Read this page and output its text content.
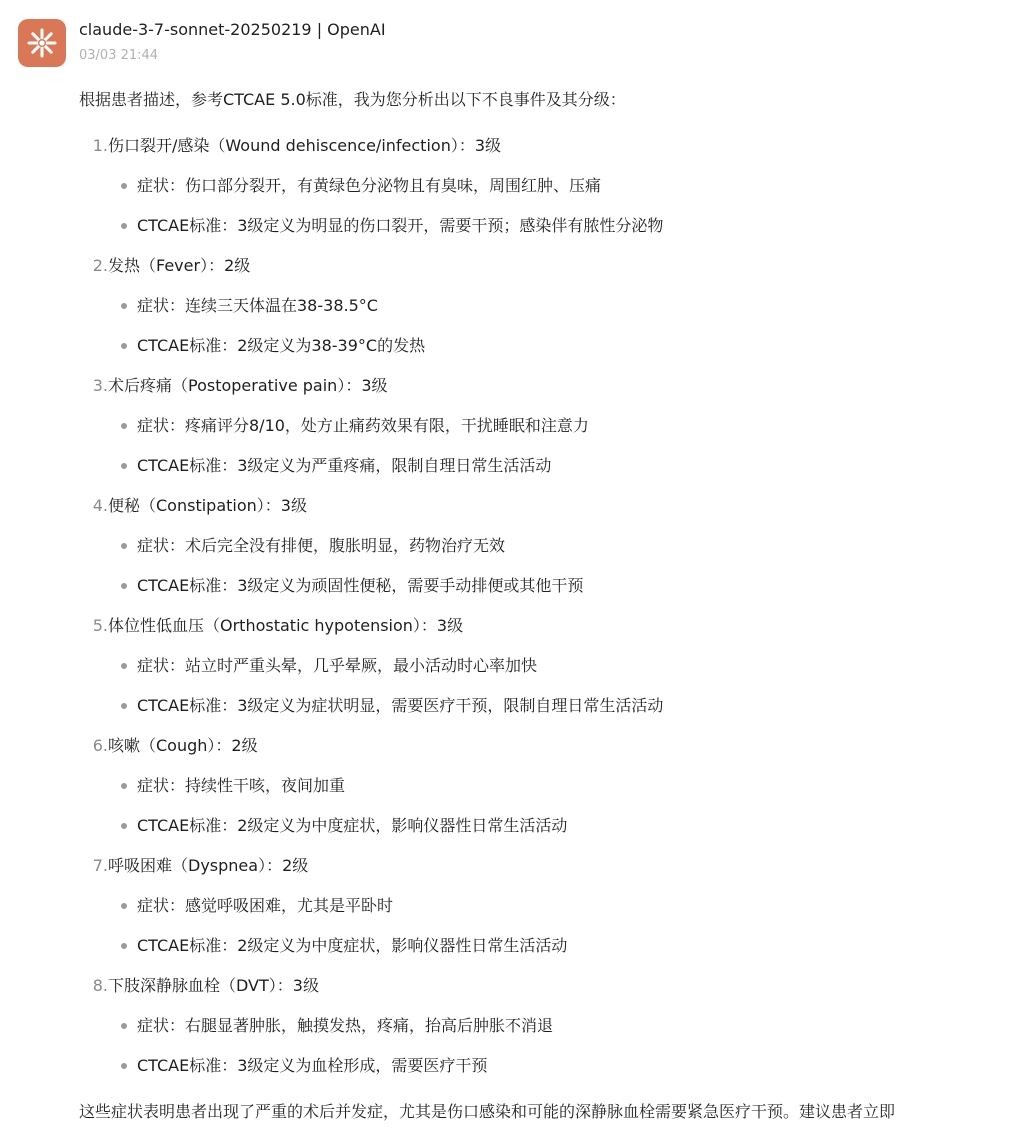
claude-3-7-sonnet-20250219 | OpenAI
03/03 21:44

根据患者描述，参考CTCAE 5.0标准，我为您分析出以下不良事件及其分级：

1.伤口裂开/感染（Wound dehiscence/infection）：3级
症状：伤口部分裂开，有黄绿色分泌物且有臭味，周围红肿、压痛
CTCAE标准：3级定义为明显的伤口裂开，需要干预；感染伴有脓性分泌物
2.发热（Fever）：2级
症状：连续三天体温在38-38.5°C
CTCAE标准：2级定义为38-39°C的发热
3.术后疼痛（Postoperative pain）：3级
症状：疼痛评分8/10，处方止痛药效果有限，干扰睡眠和注意力
CTCAE标准：3级定义为严重疼痛，限制自理日常生活活动
4.便秘（Constipation）：3级
症状：术后完全没有排便，腹胀明显，药物治疗无效
CTCAE标准：3级定义为顽固性便秘，需要手动排便或其他干预
5.体位性低血压（Orthostatic hypotension）：3级
症状：站立时严重头晕，几乎晕厥，最小活动时心率加快
CTCAE标准：3级定义为症状明显，需要医疗干预，限制自理日常生活活动
6.咳嗽（Cough）：2级
症状：持续性干咳，夜间加重
CTCAE标准：2级定义为中度症状，影响仪器性日常生活活动
7.呼吸困难（Dyspnea）：2级
症状：感觉呼吸困难，尤其是平卧时
CTCAE标准：2级定义为中度症状，影响仪器性日常生活活动
8.下肢深静脉血栓（DVT）：3级
症状：右腿显著肿胀，触摸发热，疼痛，抬高后肿胀不消退
CTCAE标准：3级定义为血栓形成，需要医疗干预

这些症状表明患者出现了严重的术后并发症，尤其是伤口感染和可能的深静脉血栓需要紧急医疗干预。建议患者立即
